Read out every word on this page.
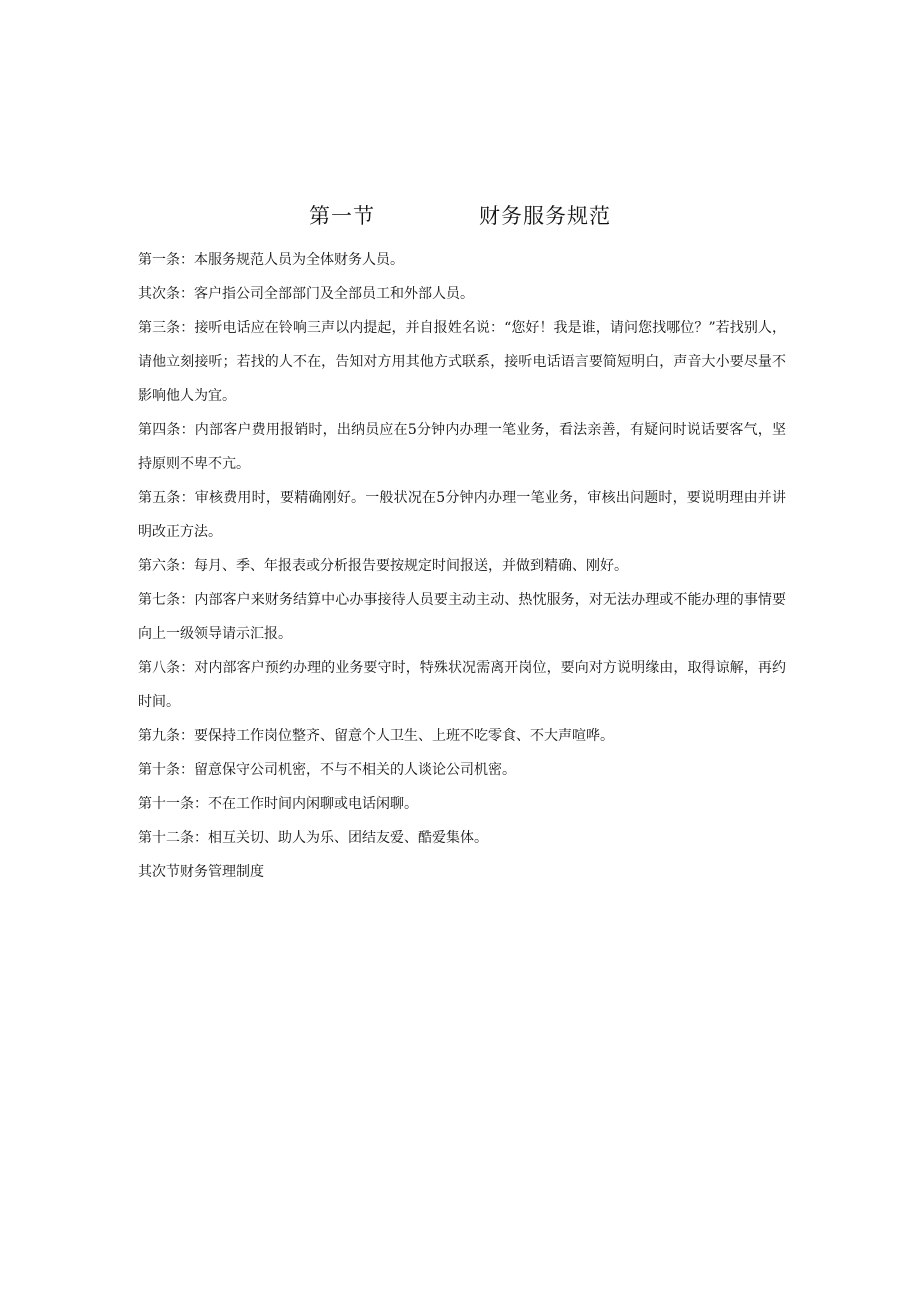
第一节	财务服务规范

第一条：本服务规范人员为全体财务人员。

其次条：客户指公司全部部门及全部员工和外部人员。

第三条：接听电话应在铃响三声以内提起，并自报姓名说：“您好！我是谁，请问您找哪位？”若找别人，请他立刻接听；若找的人不在，告知对方用其他方式联系，接听电话语言要简短明白，声音大小要尽量不影响他人为宜。

第四条：内部客户费用报销时，出纳员应在5分钟内办理一笔业务，看法亲善，有疑问时说话要客气，坚持原则不卑不亢。

第五条：审核费用时，要精确刚好。一般状况在5分钟内办理一笔业务，审核出问题时，要说明理由并讲明改正方法。

第六条：每月、季、年报表或分析报告要按规定时间报送，并做到精确、刚好。

第七条：内部客户来财务结算中心办事接待人员要主动主动、热忱服务，对无法办理或不能办理的事情要向上一级领导请示汇报。

第八条：对内部客户预约办理的业务要守时，特殊状况需离开岗位，要向对方说明缘由，取得谅解，再约时间。

第九条：要保持工作岗位整齐、留意个人卫生、上班不吃零食、不大声喧哗。

第十条：留意保守公司机密，不与不相关的人谈论公司机密。

第十一条：不在工作时间内闲聊或电话闲聊。

第十二条：相互关切、助人为乐、团结友爱、酷爱集体。

其次节财务管理制度
